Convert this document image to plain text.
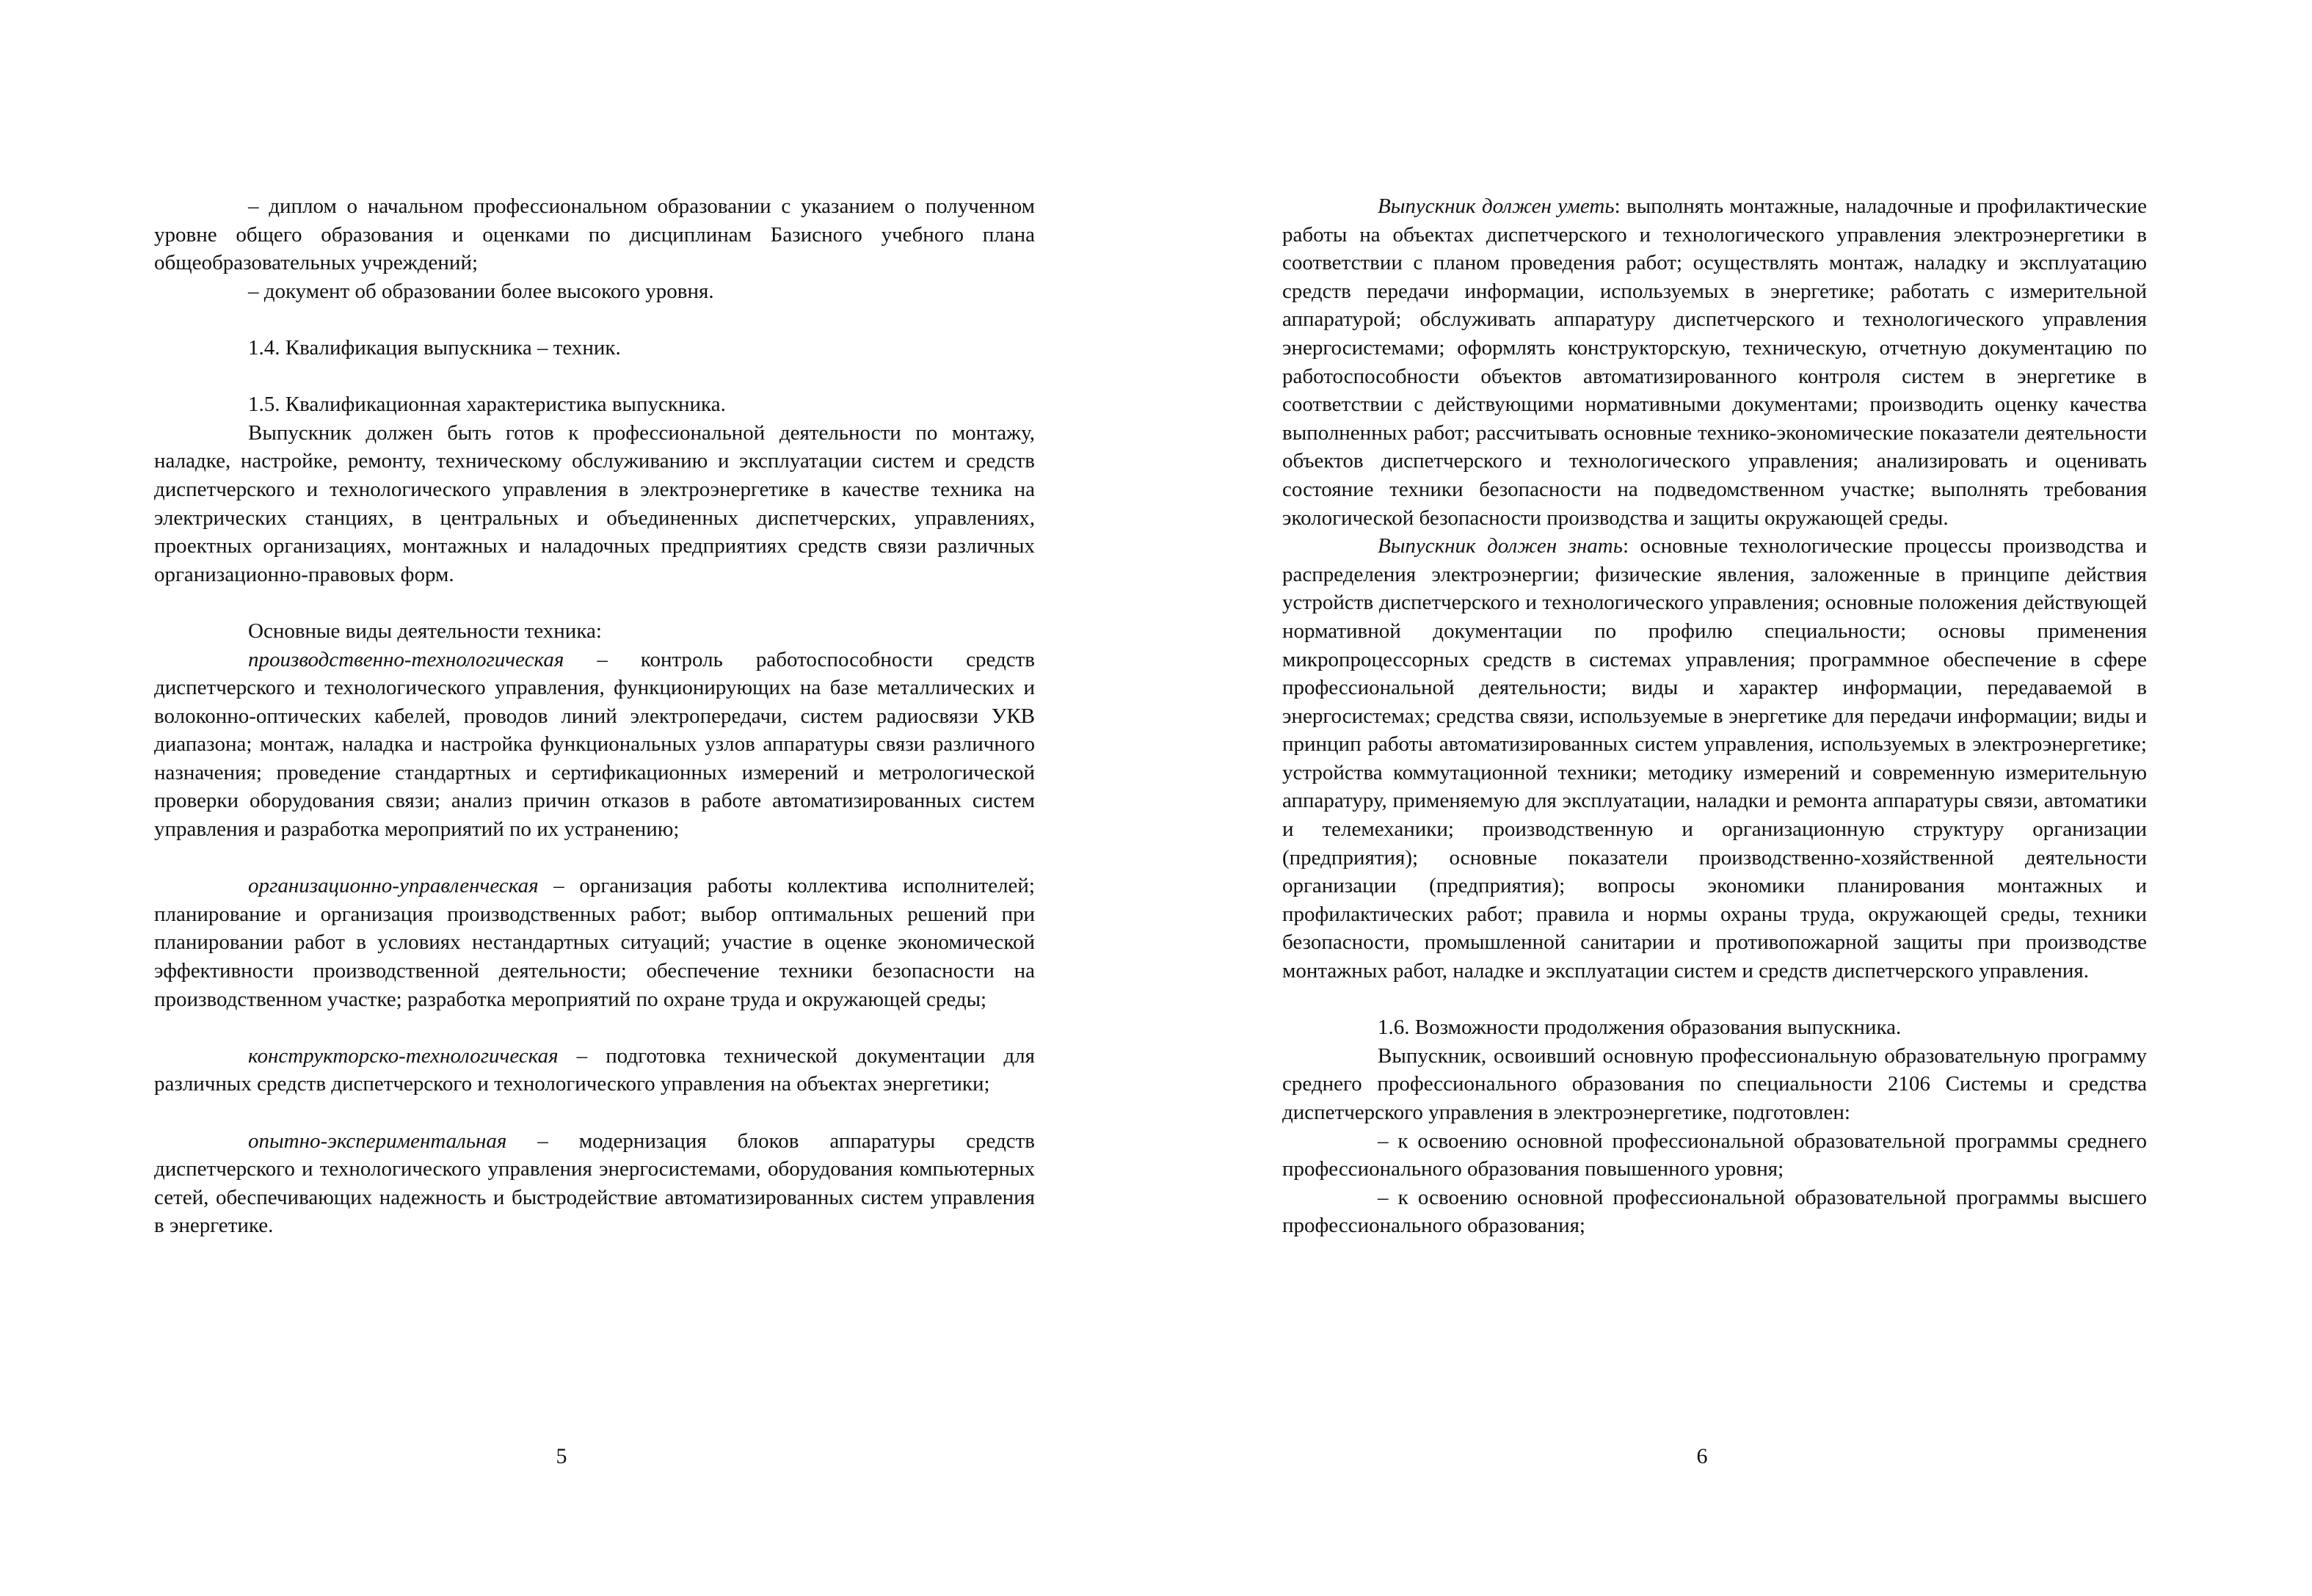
– диплом о начальном профессиональном образовании с указанием о полученном уровне общего образования и оценками по дисциплинам Базисного учебного плана общеобразовательных учреждений;

– документ об образовании более высокого уровня.

1.4. Квалификация выпускника – техник.

1.5. Квалификационная характеристика выпускника.

Выпускник должен быть готов к профессиональной деятельности по монтажу, наладке, настройке, ремонту, техническому обслуживанию и эксплуатации систем и средств диспетчерского и технологического управления в электроэнергетике в качестве техника на электрических станциях, в центральных и объединенных диспетчерских, управлениях, проектных организациях, монтажных и наладочных предприятиях средств связи различных организационно-правовых форм.

Основные виды деятельности техника:

производственно-технологическая – контроль работоспособности средств диспетчерского и технологического управления, функционирующих на базе металлических и волоконно-оптических кабелей, проводов линий электропередачи, систем радиосвязи УКВ диапазона; монтаж, наладка и настройка функциональных узлов аппаратуры связи различного назначения; проведение стандартных и сертификационных измерений и метрологической проверки оборудования связи; анализ причин отказов в работе автоматизированных систем управления и разработка мероприятий по их устранению;

организационно-управленческая – организация работы коллектива исполнителей; планирование и организация производственных работ; выбор оптимальных решений при планировании работ в условиях нестандартных ситуаций; участие в оценке экономической эффективности производственной деятельности; обеспечение техники безопасности на производственном участке; разработка мероприятий по охране труда и окружающей среды;

конструкторско-технологическая – подготовка технической документации для различных средств диспетчерского и технологического управления на объектах энергетики;

опытно-экспериментальная – модернизация блоков аппаратуры средств диспетчерского и технологического управления энергосистемами, оборудования компьютерных сетей, обеспечивающих надежность и быстродействие автоматизированных систем управления в энергетике.

5

Выпускник должен уметь: выполнять монтажные, наладочные и профилактические работы на объектах диспетчерского и технологического управления электроэнергетики в соответствии с планом проведения работ; осуществлять монтаж, наладку и эксплуатацию средств передачи информации, используемых в энергетике; работать с измерительной аппаратурой; обслуживать аппаратуру диспетчерского и технологического управления энергосистемами; оформлять конструкторскую, техническую, отчетную документацию по работоспособности объектов автоматизированного контроля систем в энергетике в соответствии с действующими нормативными документами; производить оценку качества выполненных работ; рассчитывать основные технико-экономические показатели деятельности объектов диспетчерского и технологического управления; анализировать и оценивать состояние техники безопасности на подведомственном участке; выполнять требования экологической безопасности производства и защиты окружающей среды.

Выпускник должен знать: основные технологические процессы производства и распределения электроэнергии; физические явления, заложенные в принципе действия устройств диспетчерского и технологического управления; основные положения действующей нормативной документации по профилю специальности; основы применения микропроцессорных средств в системах управления; программное обеспечение в сфере профессиональной деятельности; виды и характер информации, передаваемой в энергосистемах; средства связи, используемые в энергетике для передачи информации; виды и принцип работы автоматизированных систем управления, используемых в электроэнергетике; устройства коммутационной техники; методику измерений и современную измерительную аппаратуру, применяемую для эксплуатации, наладки и ремонта аппаратуры связи, автоматики и телемеханики; производственную и организационную структуру организации (предприятия); основные показатели производственно-хозяйственной деятельности организации (предприятия); вопросы экономики планирования монтажных и профилактических работ; правила и нормы охраны труда, окружающей среды, техники безопасности, промышленной санитарии и противопожарной защиты при производстве монтажных работ, наладке и эксплуатации систем и средств диспетчерского управления.

1.6. Возможности продолжения образования выпускника.

Выпускник, освоивший основную профессиональную образовательную программу среднего профессионального образования по специальности 2106 Системы и средства диспетчерского управления в электроэнергетике, подготовлен:

– к освоению основной профессиональной образовательной программы среднего профессионального образования повышенного уровня;

– к освоению основной профессиональной образовательной программы высшего профессионального образования;

6
